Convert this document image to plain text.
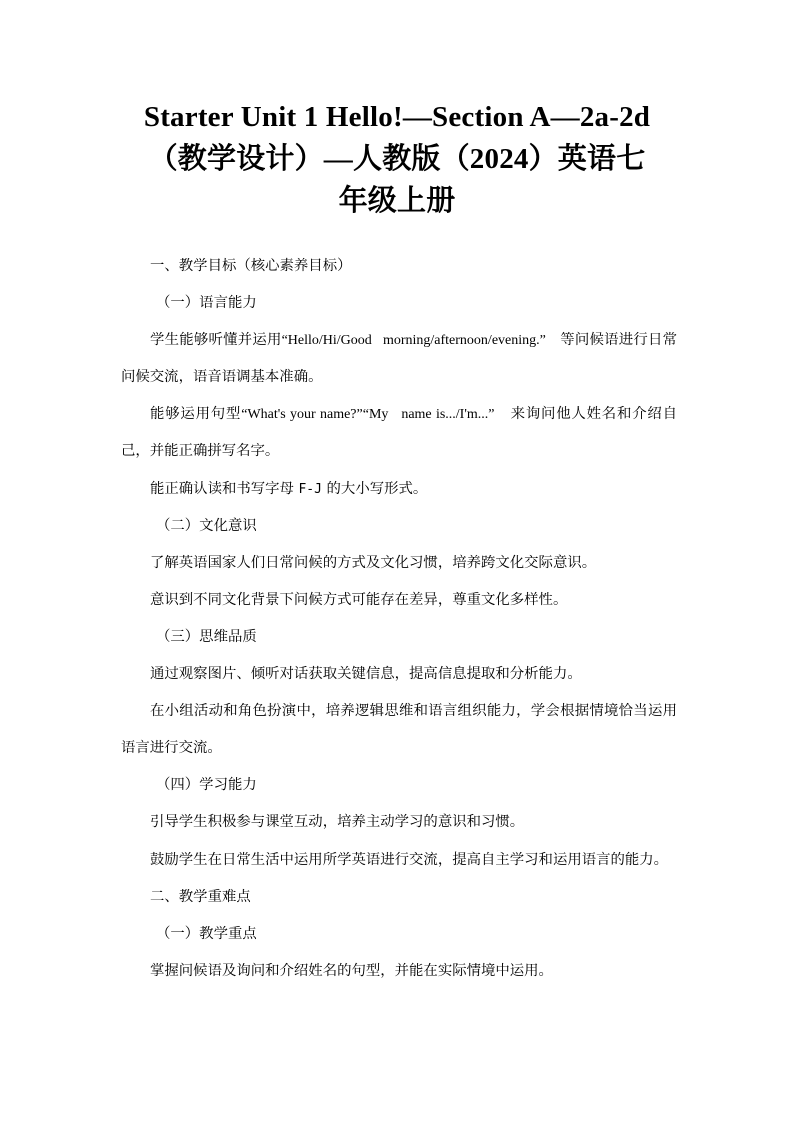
Starter Unit 1 Hello!—Section A—2a-2d
（教学设计）—人教版（2024）英语七
年级上册

一、教学目标（核心素养目标）

（一）语言能力

学生能够听懂并运用“Hello/Hi/Good   morning/afternoon/evening.”   等问候语进行日常问候交流，语音语调基本准确。

能够运用句型“What's your name?”“My   name is.../I'm...”   来询问他人姓名和介绍自己，并能正确拼写名字。

能正确认读和书写字母 F-J 的大小写形式。

（二）文化意识

了解英语国家人们日常问候的方式及文化习惯，培养跨文化交际意识。

意识到不同文化背景下问候方式可能存在差异，尊重文化多样性。

（三）思维品质

通过观察图片、倾听对话获取关键信息，提高信息提取和分析能力。

在小组活动和角色扮演中，培养逻辑思维和语言组织能力，学会根据情境恰当运用语言进行交流。

（四）学习能力

引导学生积极参与课堂互动，培养主动学习的意识和习惯。

鼓励学生在日常生活中运用所学英语进行交流，提高自主学习和运用语言的能力。

二、教学重难点

（一）教学重点

掌握问候语及询问和介绍姓名的句型，并能在实际情境中运用。
